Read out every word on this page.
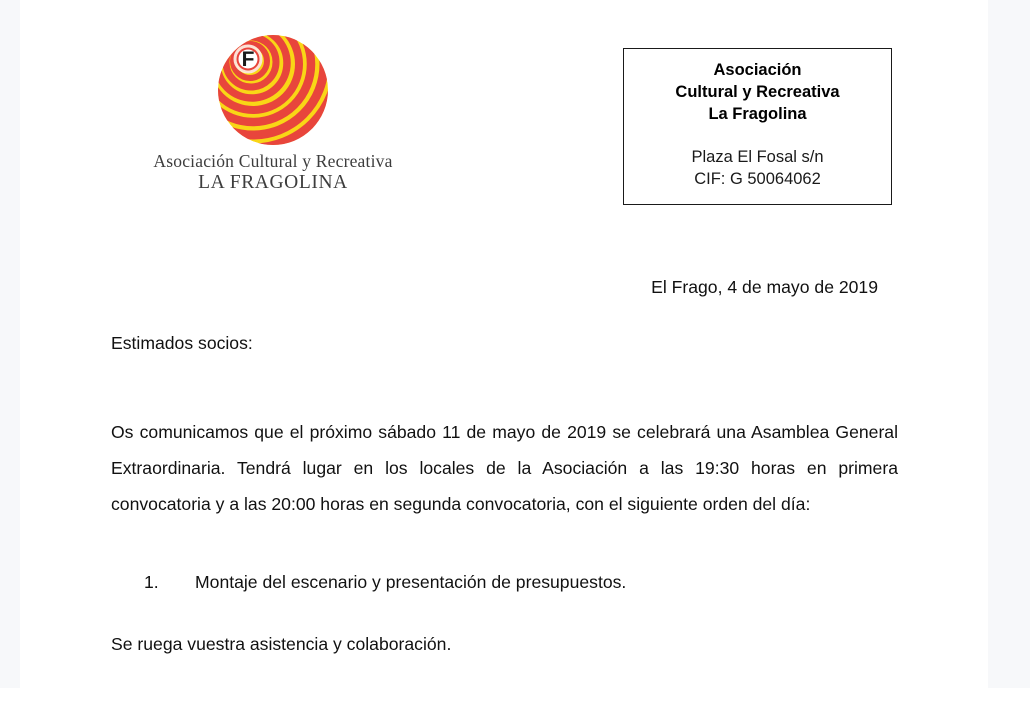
F
Asociación Cultural y Recreativa
LA FRAGOLINA
Asociación
Cultural y Recreativa
La Fragolina
Plaza El Fosal s/n
CIF: G 50064062
El Frago, 4 de mayo de 2019
Estimados socios:

Os comunicamos que el próximo sábado 11 de mayo de 2019 se celebrará una Asamblea General Extraordinaria. Tendrá lugar en los locales de la Asociación a las 19:30 horas en primera convocatoria y a las 20:00 horas en segunda convocatoria, con el siguiente orden del día:

1. Montaje del escenario y presentación de presupuestos.
Se ruega vuestra asistencia y colaboración.
